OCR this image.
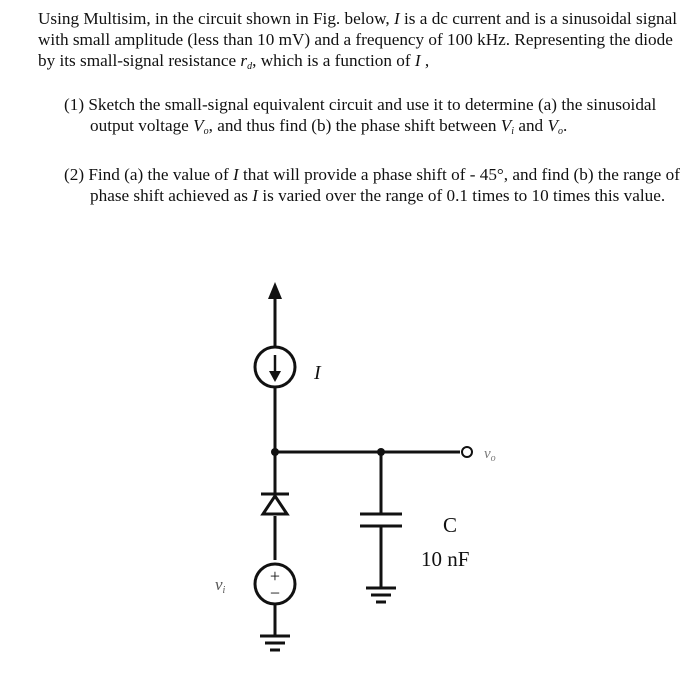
Using Multisim, in the circuit shown in Fig. below, I is a dc current and is a sinusoidal signal with small amplitude (less than 10 mV) and a frequency of 100 kHz. Representing the diode by its small-signal resistance $r_d$, which is a function of I ,

(1) Sketch the small-signal equivalent circuit and use it to determine (a) the sinusoidal output voltage $V_o$, and thus find (b) the phase shift between $V_i$ and $V_o$.

(2) Find (a) the value of I that will provide a phase shift of - 45°, and find (b) the range of phase shift achieved as I is varied over the range of 0.1 times to 10 times this value.

I
$v_o$
C
10 nF
+
−
vi
